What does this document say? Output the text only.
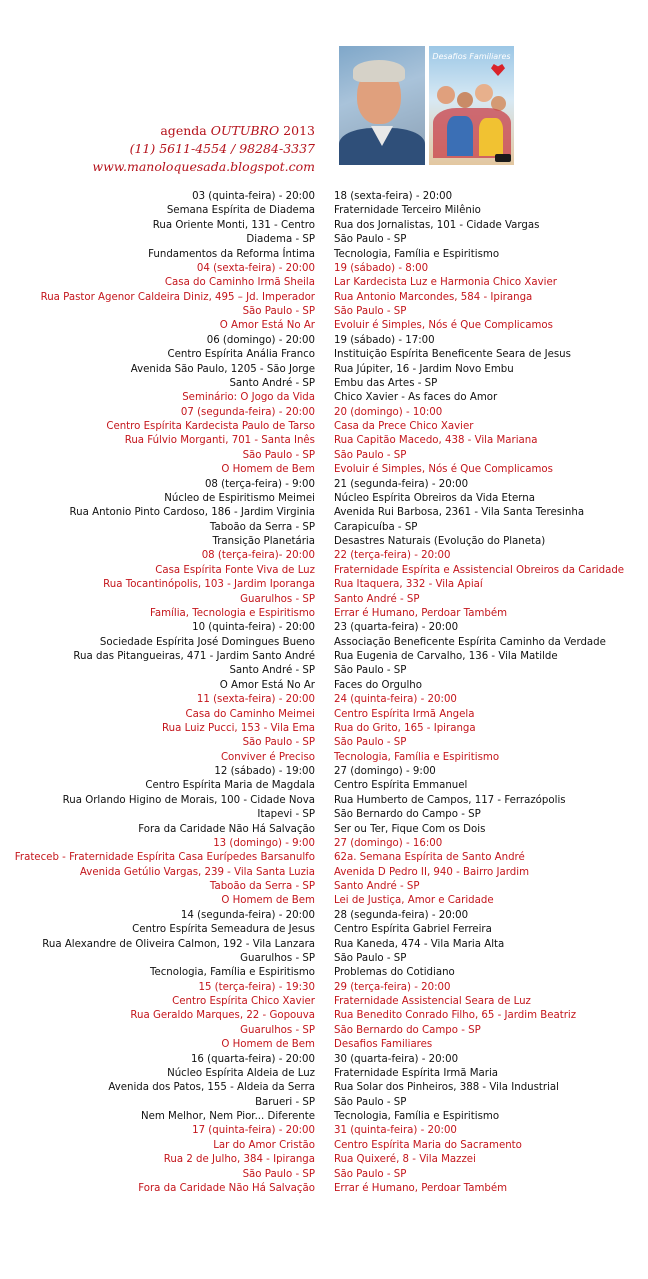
agenda OUTUBRO 2013
(11) 5611-4554 / 98284-3337
www.manoloquesada.blogspot.com
Desafios Familiares
03 (quinta-feira) - 20:00
Semana Espírita de Diadema
Rua Oriente Monti, 131 - Centro
Diadema - SP
Fundamentos da Reforma Íntima
04 (sexta-feira) - 20:00
Casa do Caminho Irmã Sheila
Rua Pastor Agenor Caldeira Diniz, 495 – Jd. Imperador
São Paulo - SP
O Amor Está No Ar
06 (domingo) - 20:00
Centro Espírita Anália Franco
Avenida São Paulo, 1205 - São Jorge
Santo André - SP
Seminário: O Jogo da Vida
07 (segunda-feira) - 20:00
Centro Espírita Kardecista Paulo de Tarso
Rua Fúlvio Morganti, 701 - Santa Inês
São Paulo - SP
O Homem de Bem
08 (terça-feira) - 9:00
Núcleo de Espiritismo Meimei
Rua Antonio Pinto Cardoso, 186 - Jardim Virginia
Taboão da Serra - SP
Transição Planetária
08 (terça-feira)- 20:00
Casa Espírita Fonte Viva de Luz
Rua Tocantinópolis, 103 - Jardim Iporanga
Guarulhos - SP
Família, Tecnologia e Espiritismo
10 (quinta-feira) - 20:00
Sociedade Espírita José Domingues Bueno
Rua das Pitangueiras, 471 - Jardim Santo André
Santo André - SP
O Amor Está No Ar
11 (sexta-feira) - 20:00
Casa do Caminho Meimei
Rua Luiz Pucci, 153 - Vila Ema
São Paulo - SP
Conviver é Preciso
12 (sábado) - 19:00
Centro Espírita Maria de Magdala
Rua Orlando Higino de Morais, 100 - Cidade Nova
Itapevi - SP
Fora da Caridade Não Há Salvação
13 (domingo) - 9:00
Frateceb - Fraternidade Espírita Casa Eurípedes Barsanulfo
Avenida Getúlio Vargas, 239 - Vila Santa Luzia
Taboão da Serra - SP
O Homem de Bem
14 (segunda-feira) - 20:00
Centro Espírita Semeadura de Jesus
Rua Alexandre de Oliveira Calmon, 192 - Vila Lanzara
Guarulhos - SP
Tecnologia, Família e Espiritismo
15 (terça-feira) - 19:30
Centro Espírita Chico Xavier
Rua Geraldo Marques, 22 - Gopouva
Guarulhos - SP
O Homem de Bem
16 (quarta-feira) - 20:00
Núcleo Espírita Aldeia de Luz
Avenida dos Patos, 155 - Aldeia da Serra
Barueri - SP
Nem Melhor, Nem Pior... Diferente
17 (quinta-feira) - 20:00
Lar do Amor Cristão
Rua 2 de Julho, 384 - Ipiranga
São Paulo - SP
Fora da Caridade Não Há Salvação
18 (sexta-feira) - 20:00
Fraternidade Terceiro Milênio
Rua dos Jornalistas, 101 - Cidade Vargas
São Paulo - SP
Tecnologia, Família e Espiritismo
19 (sábado) - 8:00
Lar Kardecista Luz e Harmonia Chico Xavier
Rua Antonio Marcondes, 584 - Ipiranga
São Paulo - SP
Evoluir é Simples, Nós é Que Complicamos
19 (sábado) - 17:00
Instituição Espírita Beneficente Seara de Jesus
Rua Júpiter, 16 - Jardim Novo Embu
Embu das Artes - SP
Chico Xavier - As faces do Amor
20 (domingo) - 10:00
Casa da Prece Chico Xavier
Rua Capitão Macedo, 438 - Vila Mariana
São Paulo - SP
Evoluir é Simples, Nós é Que Complicamos
21 (segunda-feira) - 20:00
Núcleo Espírita Obreiros da Vida Eterna
Avenida Rui Barbosa, 2361 - Vila Santa Teresinha
Carapicuíba - SP
Desastres Naturais (Evolução do Planeta)
22 (terça-feira) - 20:00
Fraternidade Espírita e Assistencial Obreiros da Caridade
Rua Itaquera, 332 - Vila Apiaí
Santo André - SP
Errar é Humano, Perdoar Também
23 (quarta-feira) - 20:00
Associação Beneficente Espírita Caminho da Verdade
Rua Eugenia de Carvalho, 136 - Vila Matilde
São Paulo - SP
Faces do Orgulho
24 (quinta-feira) - 20:00
Centro Espírita Irmã Angela
Rua do Grito, 165 - Ipiranga
São Paulo - SP
Tecnologia, Família e Espiritismo
27 (domingo) - 9:00
Centro Espírita Emmanuel
Rua Humberto de Campos, 117 - Ferrazópolis
São Bernardo do Campo - SP
Ser ou Ter, Fique Com os Dois
27 (domingo) - 16:00
62a. Semana Espírita de Santo André
Avenida D Pedro II, 940 - Bairro Jardim
Santo André - SP
Lei de Justiça, Amor e Caridade
28 (segunda-feira) - 20:00
Centro Espírita Gabriel Ferreira
Rua Kaneda, 474 - Vila Maria Alta
São Paulo - SP
Problemas do Cotidiano
29 (terça-feira) - 20:00
Fraternidade Assistencial Seara de Luz
Rua Benedito Conrado Filho, 65 - Jardim Beatriz
São Bernardo do Campo - SP
Desafios Familiares
30 (quarta-feira) - 20:00
Fraternidade Espírita Irmã Maria
Rua Solar dos Pinheiros, 388 - Vila Industrial
São Paulo - SP
Tecnologia, Família e Espiritismo
31 (quinta-feira) - 20:00
Centro Espírita Maria do Sacramento
Rua Quixeré, 8 - Vila Mazzei
São Paulo - SP
Errar é Humano, Perdoar Também
